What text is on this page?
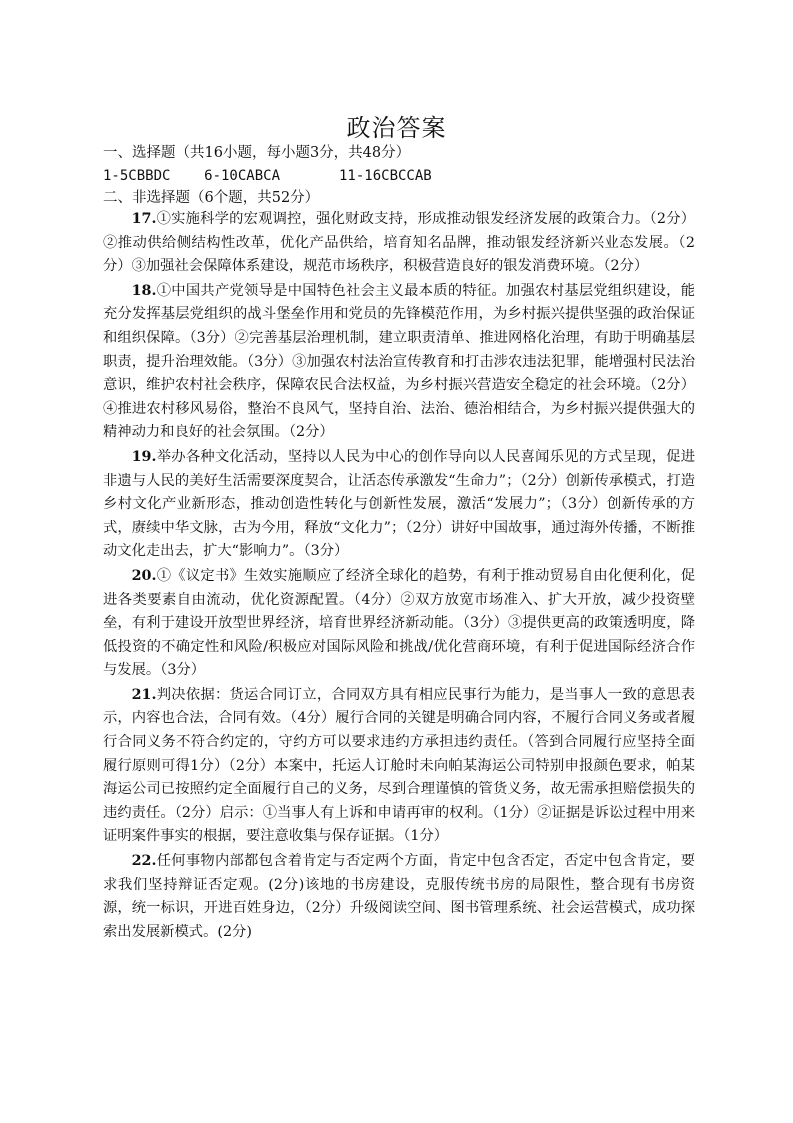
政治答案
一、选择题（共16小题，每小题3分，共48分）
1-5CBBDC    6-10CABCA       11-16CBCCAB
二、非选择题（6个题，共52分）

17.①实施科学的宏观调控，强化财政支持，形成推动银发经济发展的政策合力。（2分）②推动供给侧结构性改革，优化产品供给，培育知名品牌，推动银发经济新兴业态发展。（2分）③加强社会保障体系建设，规范市场秩序，积极营造良好的银发消费环境。（2分）

18.①中国共产党领导是中国特色社会主义最本质的特征。加强农村基层党组织建设，能充分发挥基层党组织的战斗堡垒作用和党员的先锋模范作用，为乡村振兴提供坚强的政治保证和组织保障。（3分）②完善基层治理机制，建立职责清单、推进网格化治理，有助于明确基层职责，提升治理效能。（3分）③加强农村法治宣传教育和打击涉农违法犯罪，能增强村民法治意识，维护农村社会秩序，保障农民合法权益，为乡村振兴营造安全稳定的社会环境。（2分）④推进农村移风易俗，整治不良风气，坚持自治、法治、德治相结合，为乡村振兴提供强大的精神动力和良好的社会氛围。（2分）

19.举办各种文化活动，坚持以人民为中心的创作导向以人民喜闻乐见的方式呈现，促进非遗与人民的美好生活需要深度契合，让活态传承激发“生命力”；（2分）创新传承模式，打造乡村文化产业新形态，推动创造性转化与创新性发展，激活“发展力”；（3分）创新传承的方式，赓续中华文脉，古为今用，释放“文化力”；（2分）讲好中国故事，通过海外传播，不断推动文化走出去，扩大“影响力”。（3分）

20.①《议定书》生效实施顺应了经济全球化的趋势，有利于推动贸易自由化便利化，促进各类要素自由流动，优化资源配置。（4分）②双方放宽市场准入、扩大开放，减少投资壁垒，有利于建设开放型世界经济，培育世界经济新动能。（3分）③提供更高的政策透明度，降低投资的不确定性和风险/积极应对国际风险和挑战/优化营商环境，有利于促进国际经济合作与发展。（3分）

21.判决依据：货运合同订立，合同双方具有相应民事行为能力，是当事人一致的意思表示，内容也合法，合同有效。（4分）履行合同的关键是明确合同内容，不履行合同义务或者履行合同义务不符合约定的，守约方可以要求违约方承担违约责任。（答到合同履行应坚持全面履行原则可得1分）（2分）本案中，托运人订舱时未向帕某海运公司特别申报颜色要求，帕某海运公司已按照约定全面履行自己的义务，尽到合理谨慎的管货义务，故无需承担赔偿损失的违约责任。（2分）启示：①当事人有上诉和申请再审的权利。（1分）②证据是诉讼过程中用来证明案件事实的根据，要注意收集与保存证据。（1分）

22.任何事物内部都包含着肯定与否定两个方面，肯定中包含否定，否定中包含肯定，要求我们坚持辩证否定观。(2分)该地的书房建设，克服传统书房的局限性，整合现有书房资源，统一标识，开进百姓身边，（2分）升级阅读空间、图书管理系统、社会运营模式，成功探索出发展新模式。(2分)
